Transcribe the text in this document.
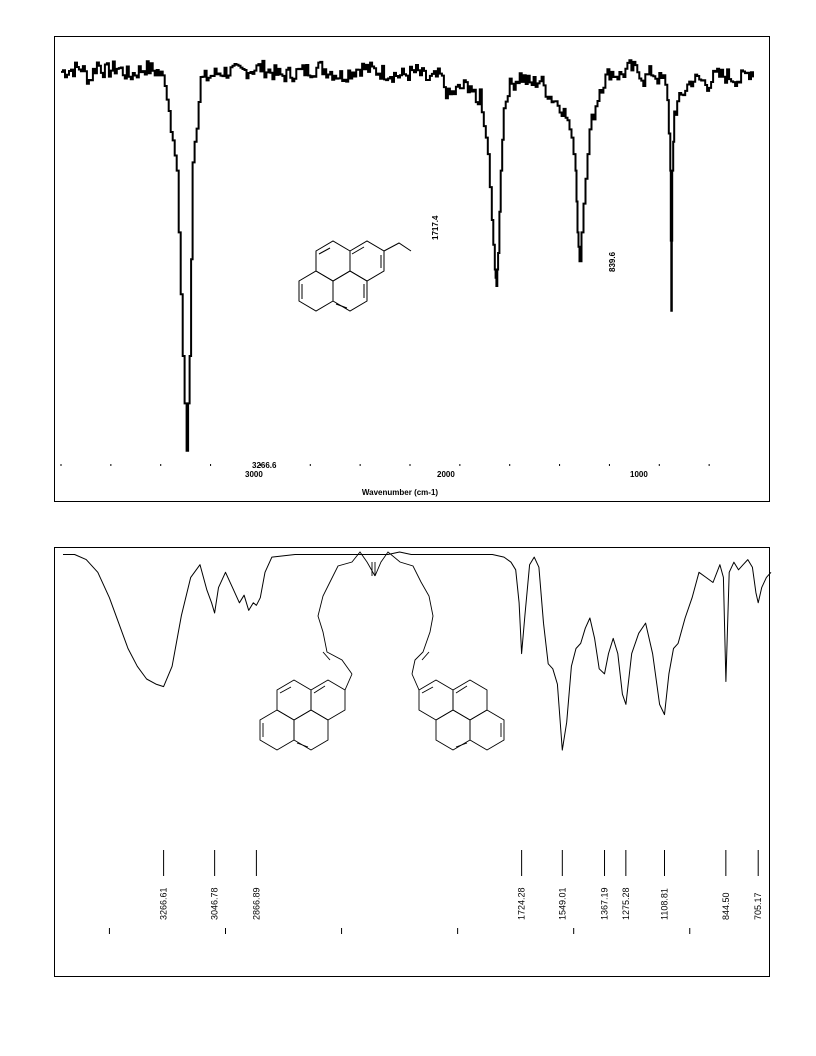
3266.6
1717.4
839.6
3000	2000	1000
Wavenumber (cm-1)
3266.61	3046.78	2866.89	1724.28	1549.01	1367.19 1275.28	1108.81	844.50 705.17
